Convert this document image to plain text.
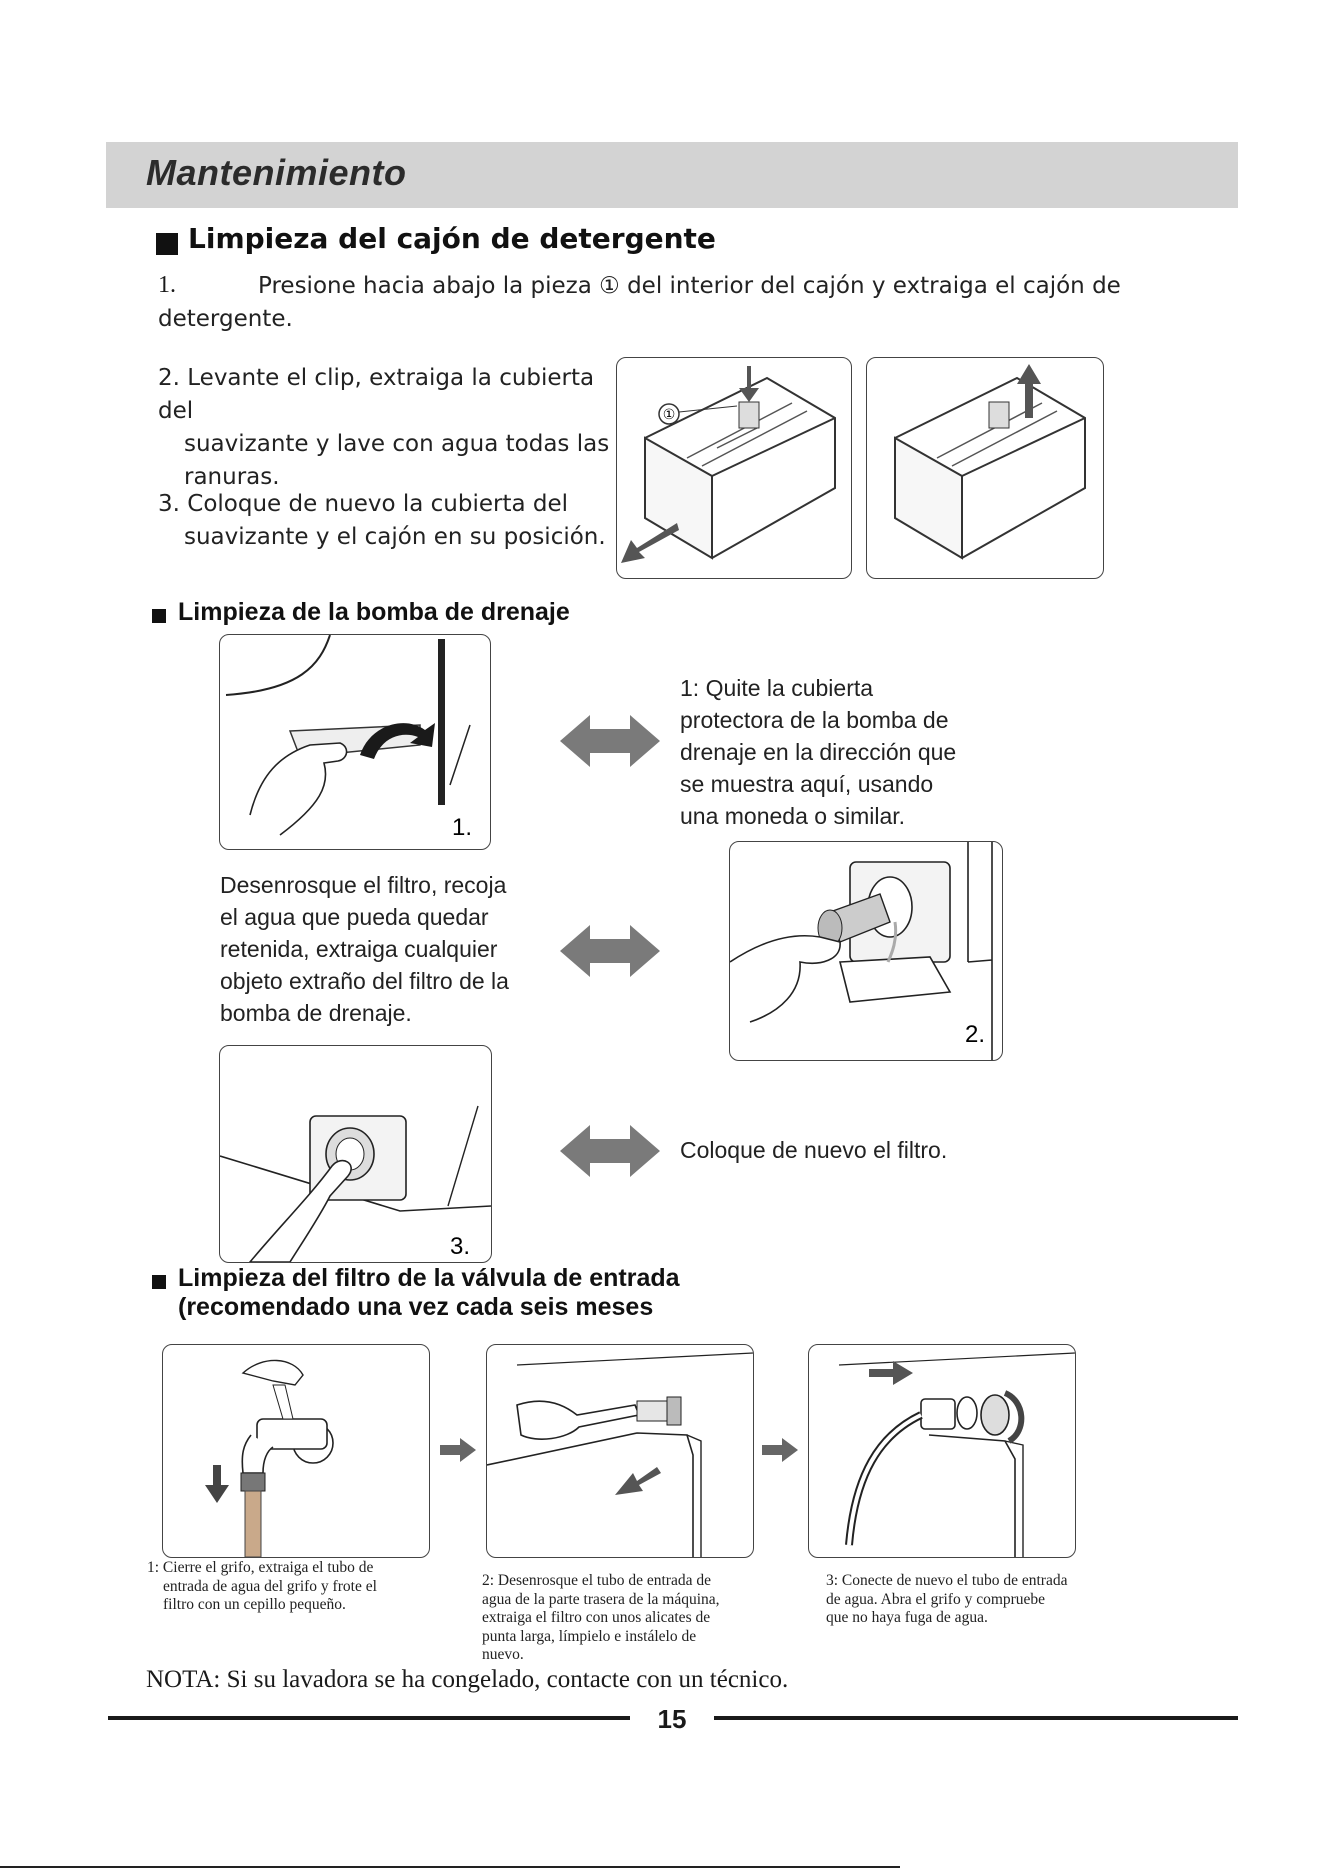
Mantenimiento
Limpieza del cajón de detergente
1.	Presione hacia abajo la pieza ① del interior del cajón y extraiga el cajón de
detergente.
2. Levante el clip, extraiga la cubierta del
suavizante y lave con agua todas las
ranuras.
3. Coloque de nuevo la cubierta del
suavizante y el cajón en su posición.
①
Limpieza de la bomba de drenaje
1.
1: Quite la cubierta
protectora de la bomba de
drenaje en la dirección que
se muestra aquí, usando
una moneda o similar.
Desenrosque el filtro, recoja
el agua que pueda quedar
retenida, extraiga cualquier
objeto extraño del filtro de la
bomba de drenaje.
2.
3.
Coloque de nuevo el filtro.
Limpieza del filtro de la válvula de entrada
(recomendado una vez cada seis meses
1: Cierre el grifo, extraiga el tubo de
entrada de agua del grifo y frote el
filtro con un cepillo pequeño.
2: Desenrosque el tubo de entrada de
agua de la parte trasera de la máquina,
extraiga el filtro con unos alicates de
punta larga, límpielo e instálelo de
nuevo.
3: Conecte de nuevo el tubo de entrada
de agua. Abra el grifo y compruebe
que no haya fuga de agua.
NOTA: Si su lavadora se ha congelado, contacte con un técnico.
15
